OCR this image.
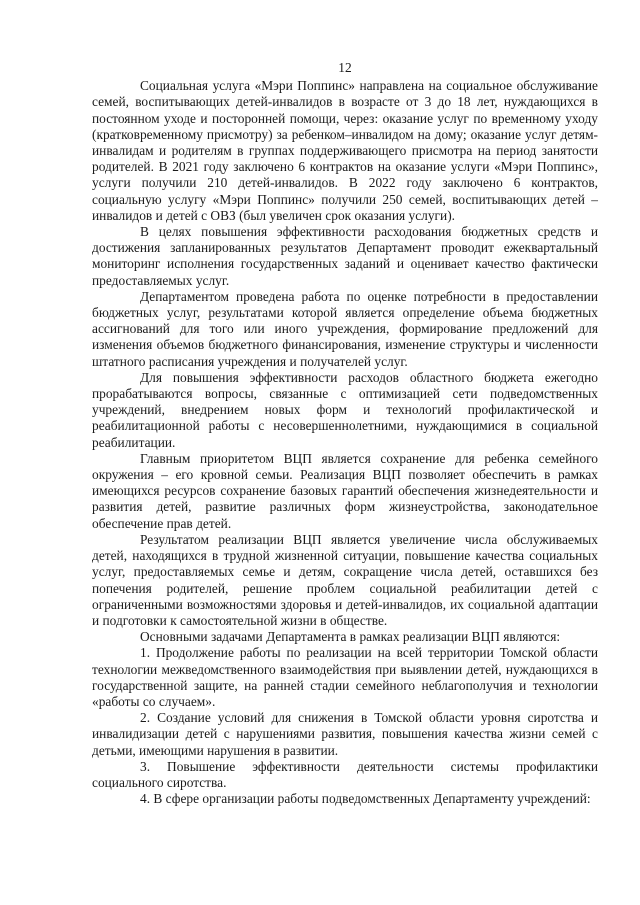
12

Социальная услуга «Мэри Поппинс» направлена на социальное обслуживание семей, воспитывающих детей-инвалидов в возрасте от 3 до 18 лет, нуждающихся в постоянном уходе и посторонней помощи, через: оказание услуг по временному уходу (кратковременному присмотру) за ребенком–инвалидом на дому; оказание услуг детям-инвалидам и родителям в группах поддерживающего присмотра на период занятости родителей. В 2021 году заключено 6 контрактов на оказание услуги «Мэри Поппинс», услуги получили 210 детей-инвалидов. В 2022 году заключено 6 контрактов, социальную услугу «Мэри Поппинс» получили 250 семей, воспитывающих детей – инвалидов и детей с ОВЗ (был увеличен срок оказания услуги).

В целях повышения эффективности расходования бюджетных средств и достижения запланированных результатов Департамент проводит ежеквартальный мониторинг исполнения государственных заданий и оценивает качество фактически предоставляемых услуг.

Департаментом проведена работа по оценке потребности в предоставлении бюджетных услуг, результатами которой является определение объема бюджетных ассигнований для того или иного учреждения, формирование предложений для изменения объемов бюджетного финансирования, изменение структуры и численности штатного расписания учреждения и получателей услуг.

Для повышения эффективности расходов областного бюджета ежегодно прорабатываются вопросы, связанные с оптимизацией сети подведомственных учреждений, внедрением новых форм и технологий профилактической и реабилитационной работы с несовершеннолетними, нуждающимися в социальной реабилитации.

Главным приоритетом ВЦП является сохранение для ребенка семейного окружения – его кровной семьи. Реализация ВЦП позволяет обеспечить в рамках имеющихся ресурсов сохранение базовых гарантий обеспечения жизнедеятельности и развития детей, развитие различных форм жизнеустройства, законодательное обеспечение прав детей.

Результатом реализации ВЦП является увеличение числа обслуживаемых детей, находящихся в трудной жизненной ситуации, повышение качества социальных услуг, предоставляемых семье и детям, сокращение числа детей, оставшихся без попечения родителей, решение проблем социальной реабилитации детей с ограниченными возможностями здоровья и детей-инвалидов, их социальной адаптации и подготовки к самостоятельной жизни в обществе.

Основными задачами Департамента в рамках реализации ВЦП являются:

1. Продолжение работы по реализации на всей территории Томской области технологии межведомственного взаимодействия при выявлении детей, нуждающихся в государственной защите, на ранней стадии семейного неблагополучия и технологии «работы со случаем».

2. Создание условий для снижения в Томской области уровня сиротства и инвалидизации детей с нарушениями развития, повышения качества жизни семей с детьми, имеющими нарушения в развитии.

3. Повышение эффективности деятельности системы профилактики социального сиротства.

4. В сфере организации работы подведомственных Департаменту учреждений:
